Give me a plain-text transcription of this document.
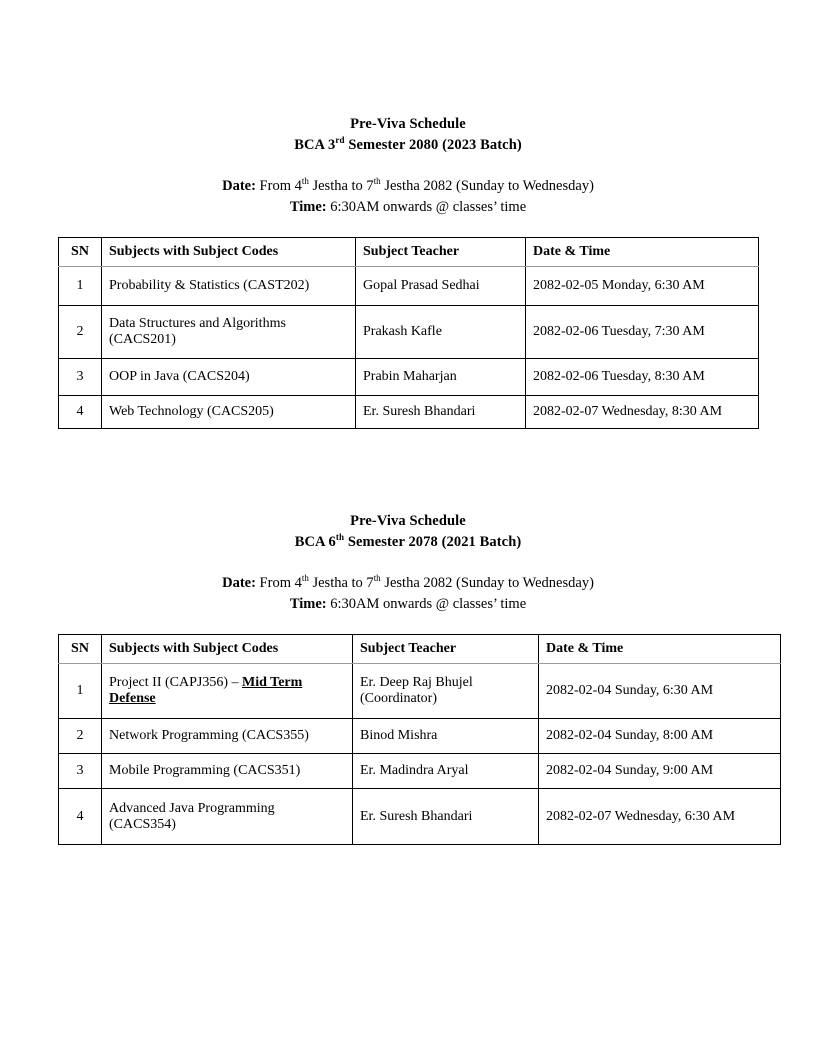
Pre-Viva Schedule
BCA 3rd Semester 2080 (2023 Batch)
Date: From 4th Jestha to 7th Jestha 2082 (Sunday to Wednesday)
Time: 6:30AM onwards @ classes’ time
SN	Subjects with Subject Codes	Subject Teacher	Date & Time
1	Probability & Statistics (CAST202)	Gopal Prasad Sedhai	2082-02-05 Monday, 6:30 AM
2	Data Structures and Algorithms (CACS201)	Prakash Kafle	2082-02-06 Tuesday, 7:30 AM
3	OOP in Java (CACS204)	Prabin Maharjan	2082-02-06 Tuesday, 8:30 AM
4	Web Technology (CACS205)	Er. Suresh Bhandari	2082-02-07 Wednesday, 8:30 AM
Pre-Viva Schedule
BCA 6th Semester 2078 (2021 Batch)
Date: From 4th Jestha to 7th Jestha 2082 (Sunday to Wednesday)
Time: 6:30AM onwards @ classes’ time
SN	Subjects with Subject Codes	Subject Teacher	Date & Time
1	Project II (CAPJ356) – Mid Term Defense	Er. Deep Raj Bhujel (Coordinator)	2082-02-04 Sunday, 6:30 AM
2	Network Programming (CACS355)	Binod Mishra	2082-02-04 Sunday, 8:00 AM
3	Mobile Programming (CACS351)	Er. Madindra Aryal	2082-02-04 Sunday, 9:00 AM
4	Advanced Java Programming (CACS354)	Er. Suresh Bhandari	2082-02-07 Wednesday, 6:30 AM
